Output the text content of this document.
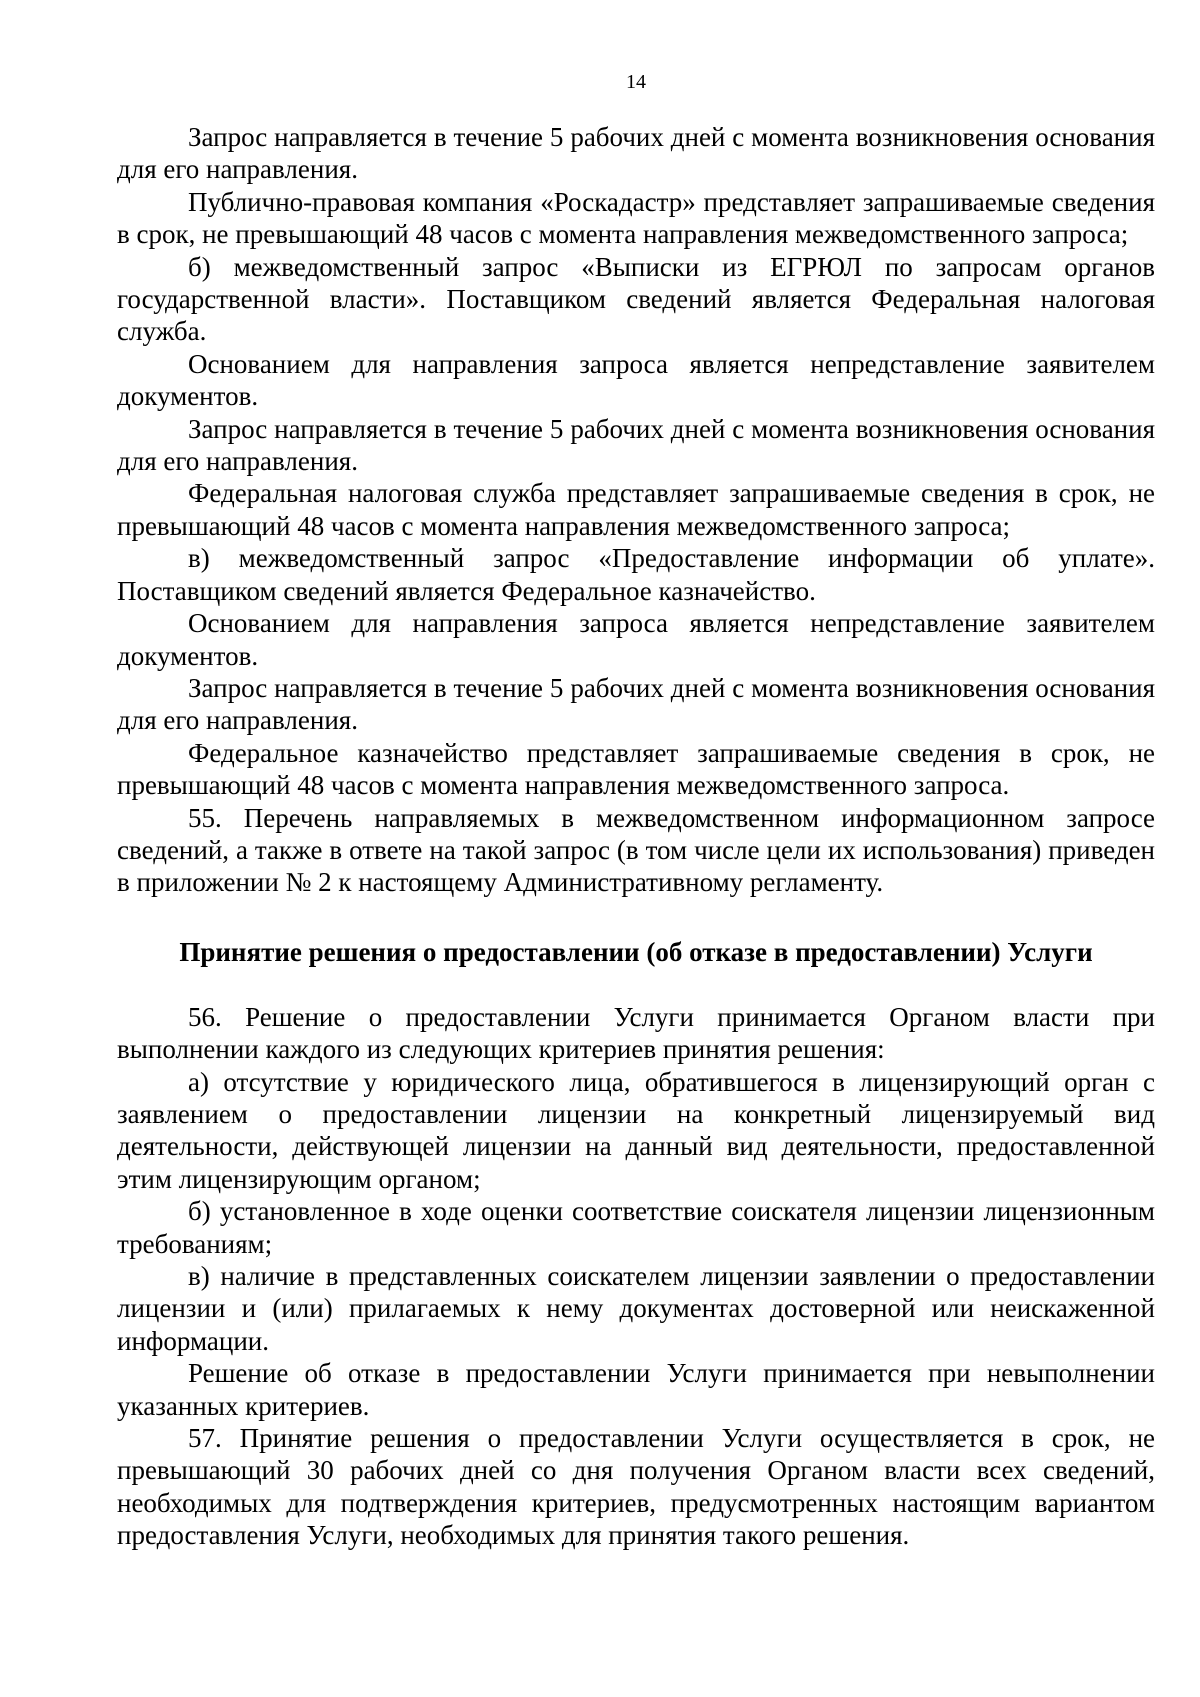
14

Запрос направляется в течение 5 рабочих дней с момента возникновения основания для его направления.

Публично-правовая компания «Роскадастр» представляет запрашиваемые сведения в срок, не превышающий 48 часов с момента направления межведомственного запроса;

б) межведомственный запрос «Выписки из ЕГРЮЛ по запросам органов государственной власти». Поставщиком сведений является Федеральная налоговая служба.

Основанием для направления запроса является непредставление заявителем документов.

Запрос направляется в течение 5 рабочих дней с момента возникновения основания для его направления.

Федеральная налоговая служба представляет запрашиваемые сведения в срок, не превышающий 48 часов с момента направления межведомственного запроса;

в) межведомственный запрос «Предоставление информации об уплате». Поставщиком сведений является Федеральное казначейство.

Основанием для направления запроса является непредставление заявителем документов.

Запрос направляется в течение 5 рабочих дней с момента возникновения основания для его направления.

Федеральное казначейство представляет запрашиваемые сведения в срок, не превышающий 48 часов с момента направления межведомственного запроса.

55. Перечень направляемых в межведомственном информационном запросе сведений, а также в ответе на такой запрос (в том числе цели их использования) приведен в приложении № 2 к настоящему Административному регламенту.

Принятие решения о предоставлении (об отказе в предоставлении) Услуги

56. Решение о предоставлении Услуги принимается Органом власти при выполнении каждого из следующих критериев принятия решения:

а) отсутствие у юридического лица, обратившегося в лицензирующий орган с заявлением о предоставлении лицензии на конкретный лицензируемый вид деятельности, действующей лицензии на данный вид деятельности, предоставленной этим лицензирующим органом;

б) установленное в ходе оценки соответствие соискателя лицензии лицензионным требованиям;

в) наличие в представленных соискателем лицензии заявлении о предоставлении лицензии и (или) прилагаемых к нему документах достоверной или неискаженной информации.

Решение об отказе в предоставлении Услуги принимается при невыполнении указанных критериев.

57. Принятие решения о предоставлении Услуги осуществляется в срок, не превышающий 30 рабочих дней со дня получения Органом власти всех сведений, необходимых для подтверждения критериев, предусмотренных настоящим вариантом предоставления Услуги, необходимых для принятия такого решения.
